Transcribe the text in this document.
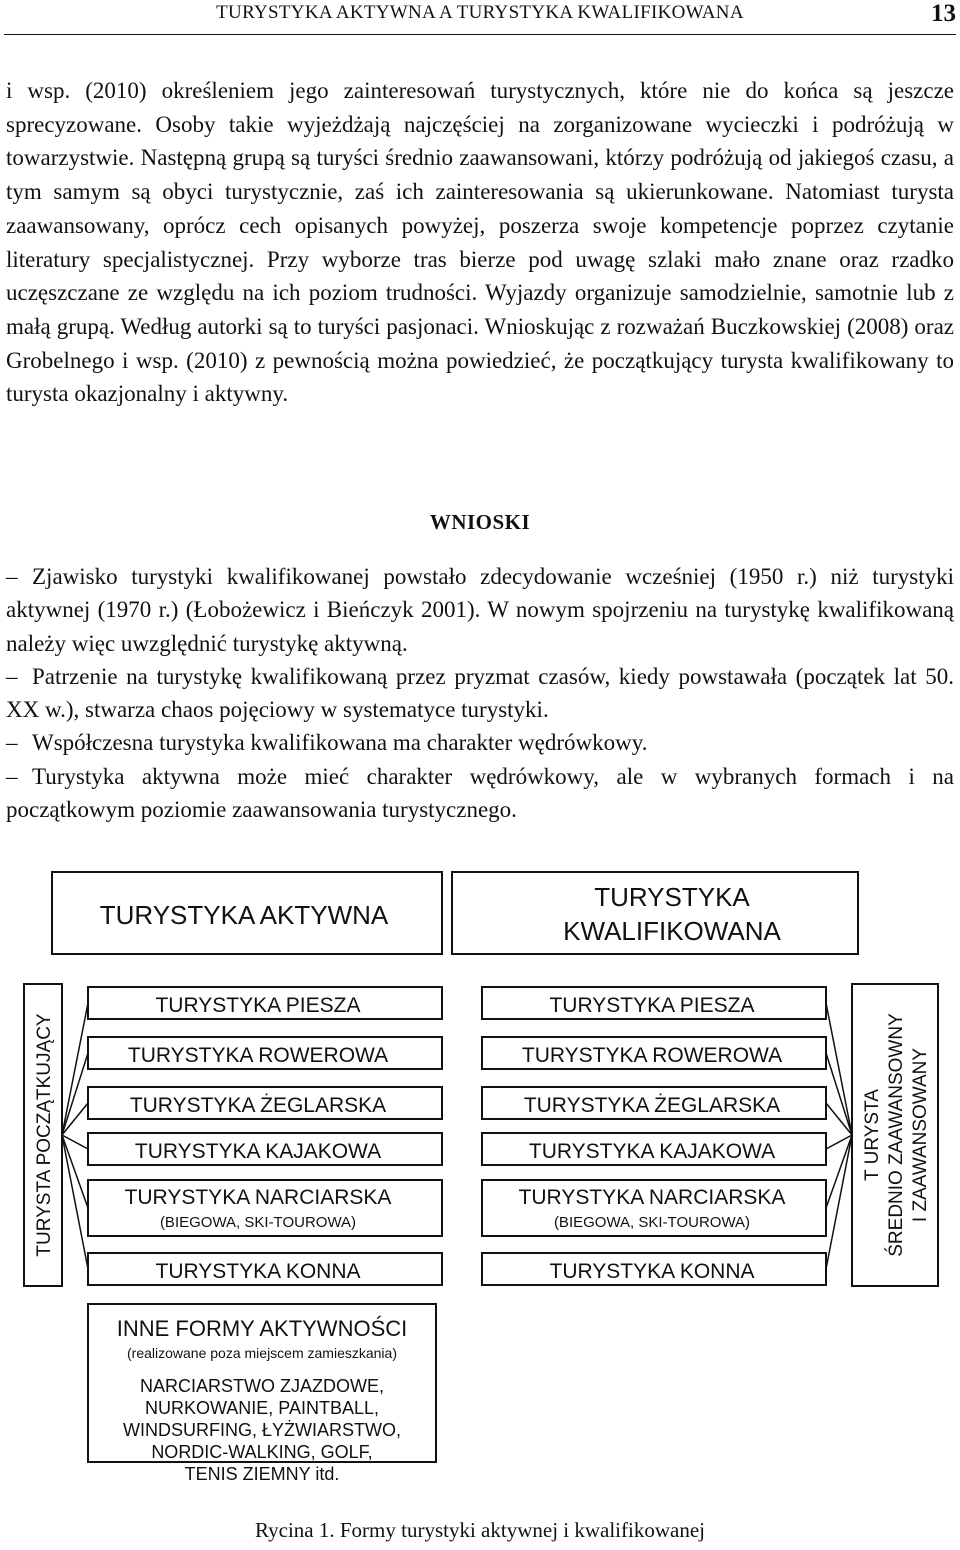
TURYSTYKA AKTYWNA A TURYSTYKA KWALIFIKOWANA	13

i wsp. (2010) określeniem jego zainteresowań turystycznych, które nie do końca są jeszcze sprecyzowane. Osoby takie wyjeżdżają najczęściej na zorganizowane wycieczki i podróżują w towarzystwie. Następną grupą są turyści średnio zaawansowani, którzy podróżują od jakiegoś czasu, a tym samym są obyci turystycznie, zaś ich zainteresowania są ukierunkowane. Natomiast turysta zaawansowany, oprócz cech opisanych powyżej, poszerza swoje kompetencje poprzez czytanie literatury specjalistycznej. Przy wyborze tras bierze pod uwagę szlaki mało znane oraz rzadko uczęszczane ze względu na ich poziom trudności. Wyjazdy organizuje samodzielnie, samotnie lub z małą grupą. Według autorki są to turyści pasjonaci. Wnioskując z rozważań Buczkowskiej (2008) oraz Grobelnego i wsp. (2010) z pewnością można powiedzieć, że początkujący turysta kwalifikowany to turysta okazjonalny i aktywny.

WNIOSKI
– Zjawisko turystyki kwalifikowanej powstało zdecydowanie wcześniej (1950 r.) niż turystyki aktywnej (1970 r.) (Łobożewicz i Bieńczyk 2001). W nowym spojrzeniu na turystykę kwalifikowaną należy więc uwzględnić turystykę aktywną.
– Patrzenie na turystykę kwalifikowaną przez pryzmat czasów, kiedy powstawała (początek lat 50. XX w.), stwarza chaos pojęciowy w systematyce turystyki.
– Współczesna turystyka kwalifikowana ma charakter wędrówkowy.
– Turystyka aktywna może mieć charakter wędrówkowy, ale w wybranych formach i na początkowym poziomie zaawansowania turystycznego.
TURYSTYKA AKTYWNA
TURYSTYKA
KWALIFIKOWANA
TURYSTA POCZĄTKUJĄCY	T URYSTA ŚREDNIO ZAAWANSOWNY I ZAAWANSOWANY
TURYSTYKA PIESZA
TURYSTYKA ROWEROWA
TURYSTYKA ŻEGLARSKA
TURYSTYKA KAJAKOWA
TURYSTYKA NARCIARSKA
(BIEGOWA, SKI-TOUROWA)
TURYSTYKA KONNA
TURYSTYKA PIESZA
TURYSTYKA ROWEROWA
TURYSTYKA ŻEGLARSKA
TURYSTYKA KAJAKOWA
TURYSTYKA NARCIARSKA
(BIEGOWA, SKI-TOUROWA)
TURYSTYKA KONNA
INNE FORMY AKTYWNOŚCI
(realizowane poza miejscem zamieszkania)
NARCIARSTWO ZJAZDOWE,
NURKOWANIE, PAINTBALL,
WINDSURFING, ŁYŻWIARSTWO,
NORDIC-WALKING, GOLF,
TENIS ZIEMNY itd.
Rycina 1. Formy turystyki aktywnej i kwalifikowanej
